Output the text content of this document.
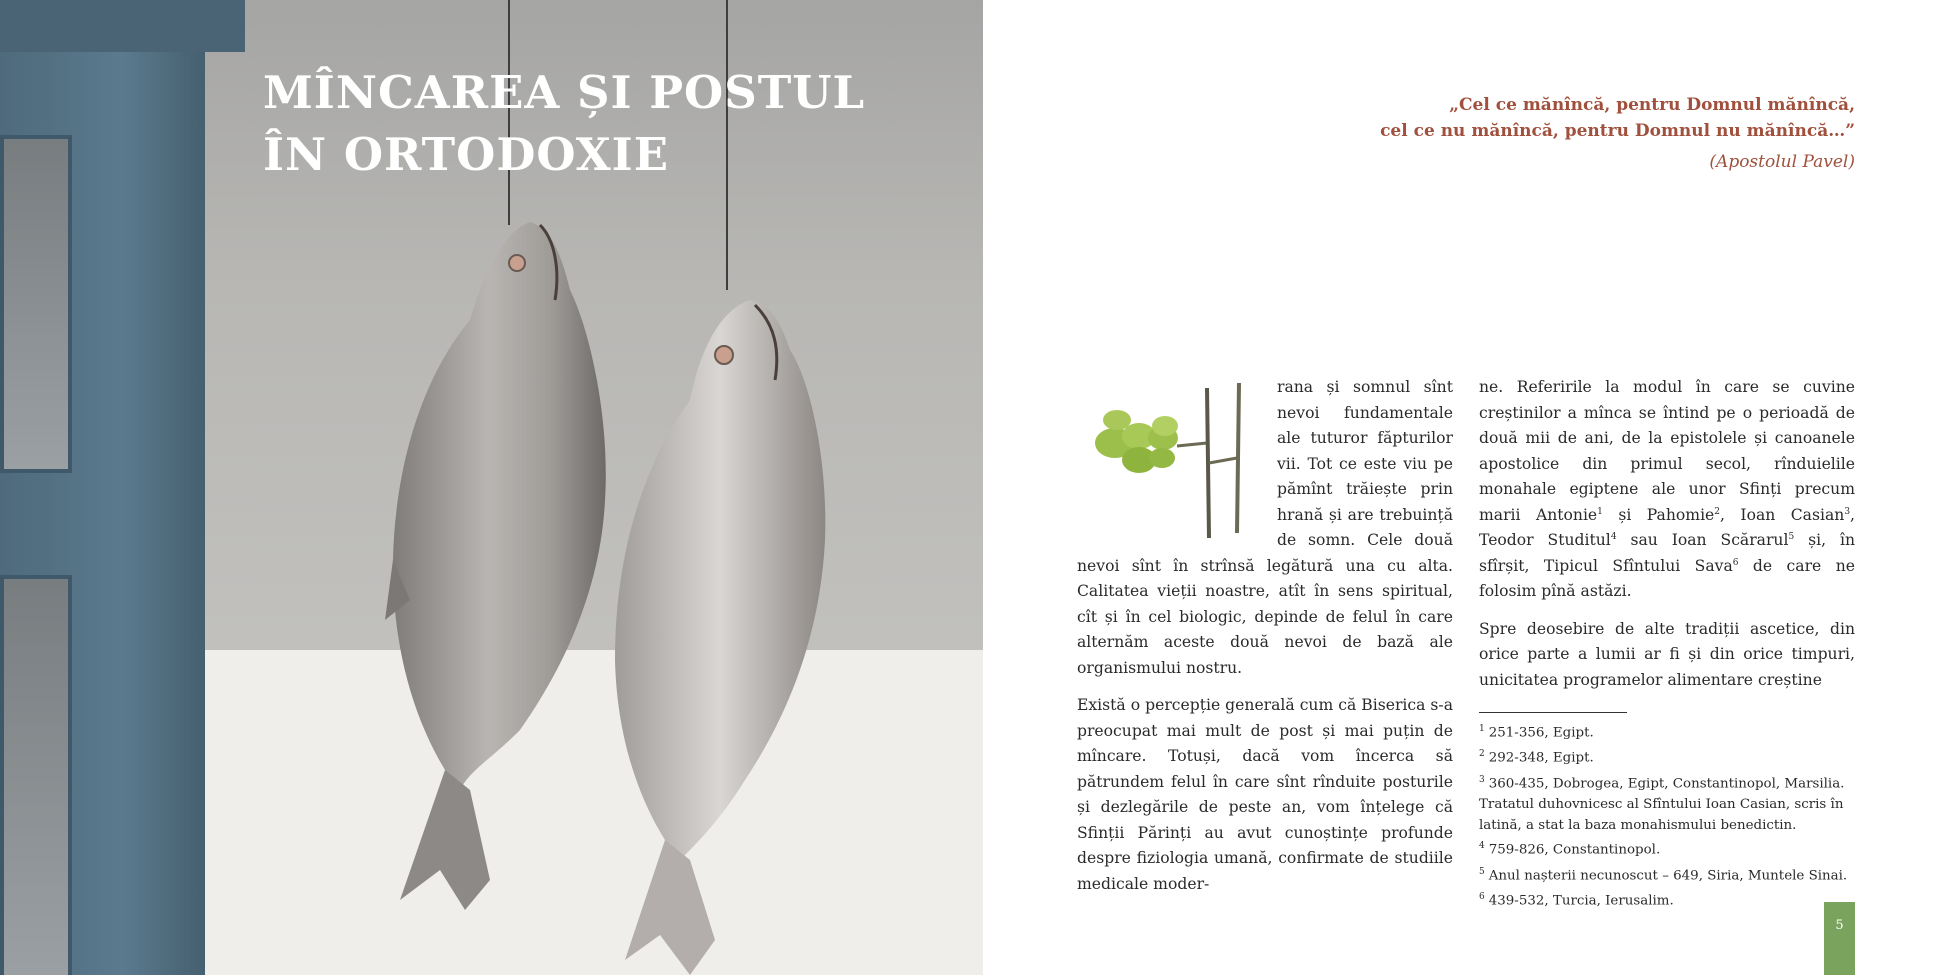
MÎNCAREA ȘI POSTUL
ÎN ORTODOXIE
„Cel ce mănîncă, pentru Domnul mănîncă,
cel ce nu mănîncă, pentru Domnul nu mănîncă…”
(Apostolul Pavel)

rana și somnul sînt nevoi fundamentale ale tuturor făpturilor vii. Tot ce este viu pe pămînt trăiește prin hrană și are trebuință de somn. Cele două nevoi sînt în strînsă legătură una cu alta. Calitatea vieții noastre, atît în sens spiritual, cît și în cel biologic, depinde de felul în care alternăm aceste două nevoi de bază ale organismului nostru.

Există o percepție generală cum că Biserica s-a preocupat mai mult de post și mai puțin de mîncare. Totuși, dacă vom încerca să pătrundem felul în care sînt rînduite posturile și dezlegările de peste an, vom înțelege că Sfinții Părinți au avut cunoștințe profunde despre fiziologia umană, confirmate de studiile medicale moder-

ne. Referirile la modul în care se cuvine creștinilor a mînca se întind pe o perioadă de două mii de ani, de la epistolele și canoanele apostolice din primul secol, rînduielile monahale egiptene ale unor Sfinți precum marii Antonie$^1$ și Pahomie$^2$, Ioan Casian$^3$, Teodor Studitul$^4$ sau Ioan Scărarul$^5$ și, în sfîrșit, Tipicul Sfîntului Sava$^6$ de care ne folosim pînă astăzi.

Spre deosebire de alte tradiții ascetice, din orice parte a lumii ar fi și din orice timpuri, unicitatea programelor alimentare creștine

$^1$ 251-356, Egipt.

$^2$ 292-348, Egipt.

$^3$ 360-435, Dobrogea, Egipt, Constantinopol, Marsilia. Tratatul duhovnicesc al Sfîntului Ioan Casian, scris în latină, a stat la baza monahismului benedictin.

$^4$ 759-826, Constantinopol.

$^5$ Anul nașterii necunoscut – 649, Siria, Muntele Sinai.

$^6$ 439-532, Turcia, Ierusalim.

5
